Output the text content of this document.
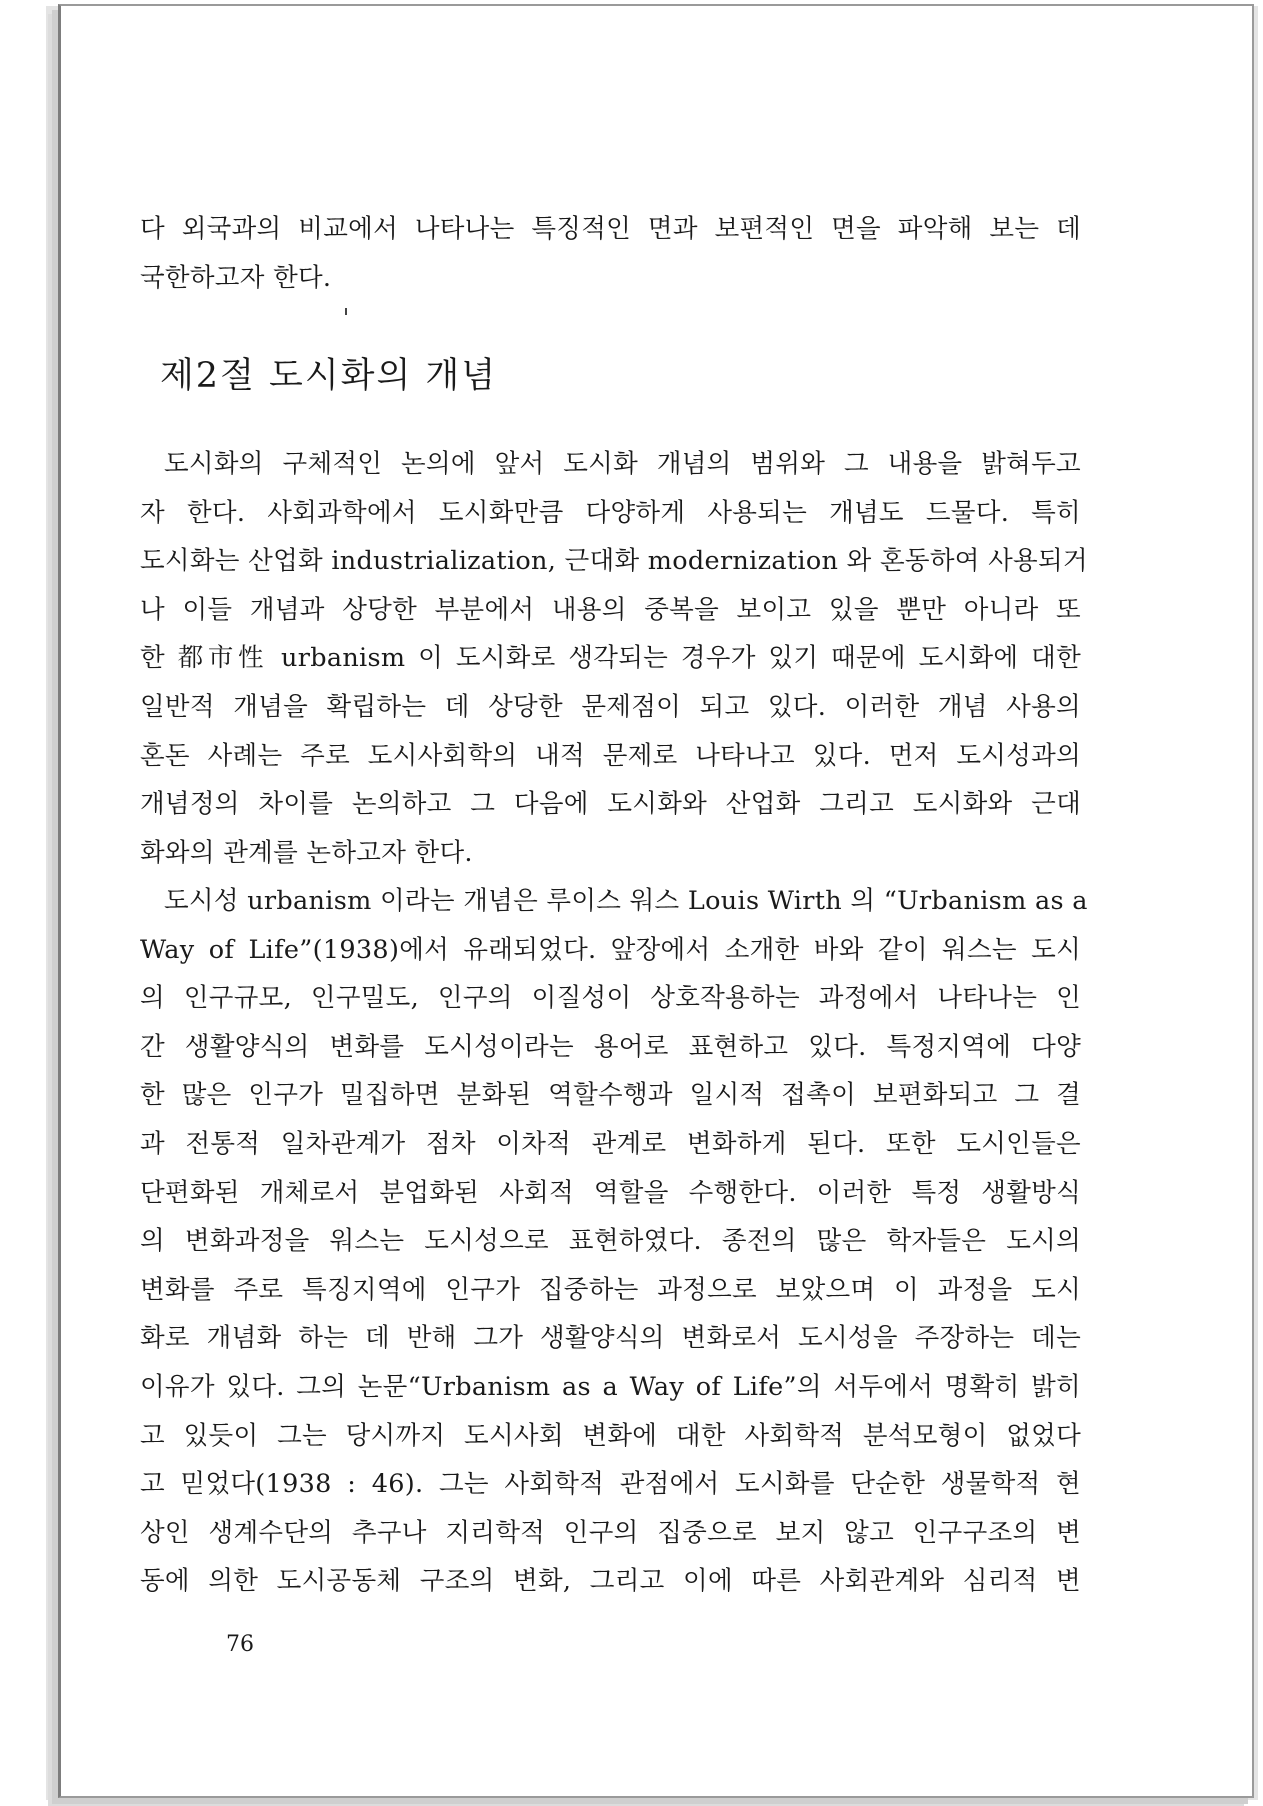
다 외국과의 비교에서 나타나는 특징적인 면과 보편적인 면을 파악해 보는 데
국한하고자 한다.
제2절 도시화의 개념
도시화의 구체적인 논의에 앞서 도시화 개념의 범위와 그 내용을 밝혀두고
자 한다. 사회과학에서 도시화만큼 다양하게 사용되는 개념도 드물다. 특히
도시화는 산업화 industrialization, 근대화 modernization 와 혼동하여 사용되거
나 이들 개념과 상당한 부분에서 내용의 중복을 보이고 있을 뿐만 아니라 또
한 都市性 urbanism 이 도시화로 생각되는 경우가 있기 때문에 도시화에 대한
일반적 개념을 확립하는 데 상당한 문제점이 되고 있다. 이러한 개념 사용의
혼돈 사례는 주로 도시사회학의 내적 문제로 나타나고 있다. 먼저 도시성과의
개념정의 차이를 논의하고 그 다음에 도시화와 산업화 그리고 도시화와 근대
화와의 관계를 논하고자 한다.
도시성 urbanism 이라는 개념은 루이스 워스 Louis Wirth 의 “Urbanism as a
Way of Life”(1938)에서 유래되었다. 앞장에서 소개한 바와 같이 워스는 도시
의 인구규모, 인구밀도, 인구의 이질성이 상호작용하는 과정에서 나타나는 인
간 생활양식의 변화를 도시성이라는 용어로 표현하고 있다. 특정지역에 다양
한 많은 인구가 밀집하면 분화된 역할수행과 일시적 접촉이 보편화되고 그 결
과 전통적 일차관계가 점차 이차적 관계로 변화하게 된다. 또한 도시인들은
단편화된 개체로서 분업화된 사회적 역할을 수행한다. 이러한 특정 생활방식
의 변화과정을 워스는 도시성으로 표현하였다. 종전의 많은 학자들은 도시의
변화를 주로 특징지역에 인구가 집중하는 과정으로 보았으며 이 과정을 도시
화로 개념화 하는 데 반해 그가 생활양식의 변화로서 도시성을 주장하는 데는
이유가 있다. 그의 논문“Urbanism as a Way of Life”의 서두에서 명확히 밝히
고 있듯이 그는 당시까지 도시사회 변화에 대한 사회학적 분석모형이 없었다
고 믿었다(1938 : 46). 그는 사회학적 관점에서 도시화를 단순한 생물학적 현
상인 생계수단의 추구나 지리학적 인구의 집중으로 보지 않고 인구구조의 변
동에 의한 도시공동체 구조의 변화, 그리고 이에 따른 사회관계와 심리적 변
76
